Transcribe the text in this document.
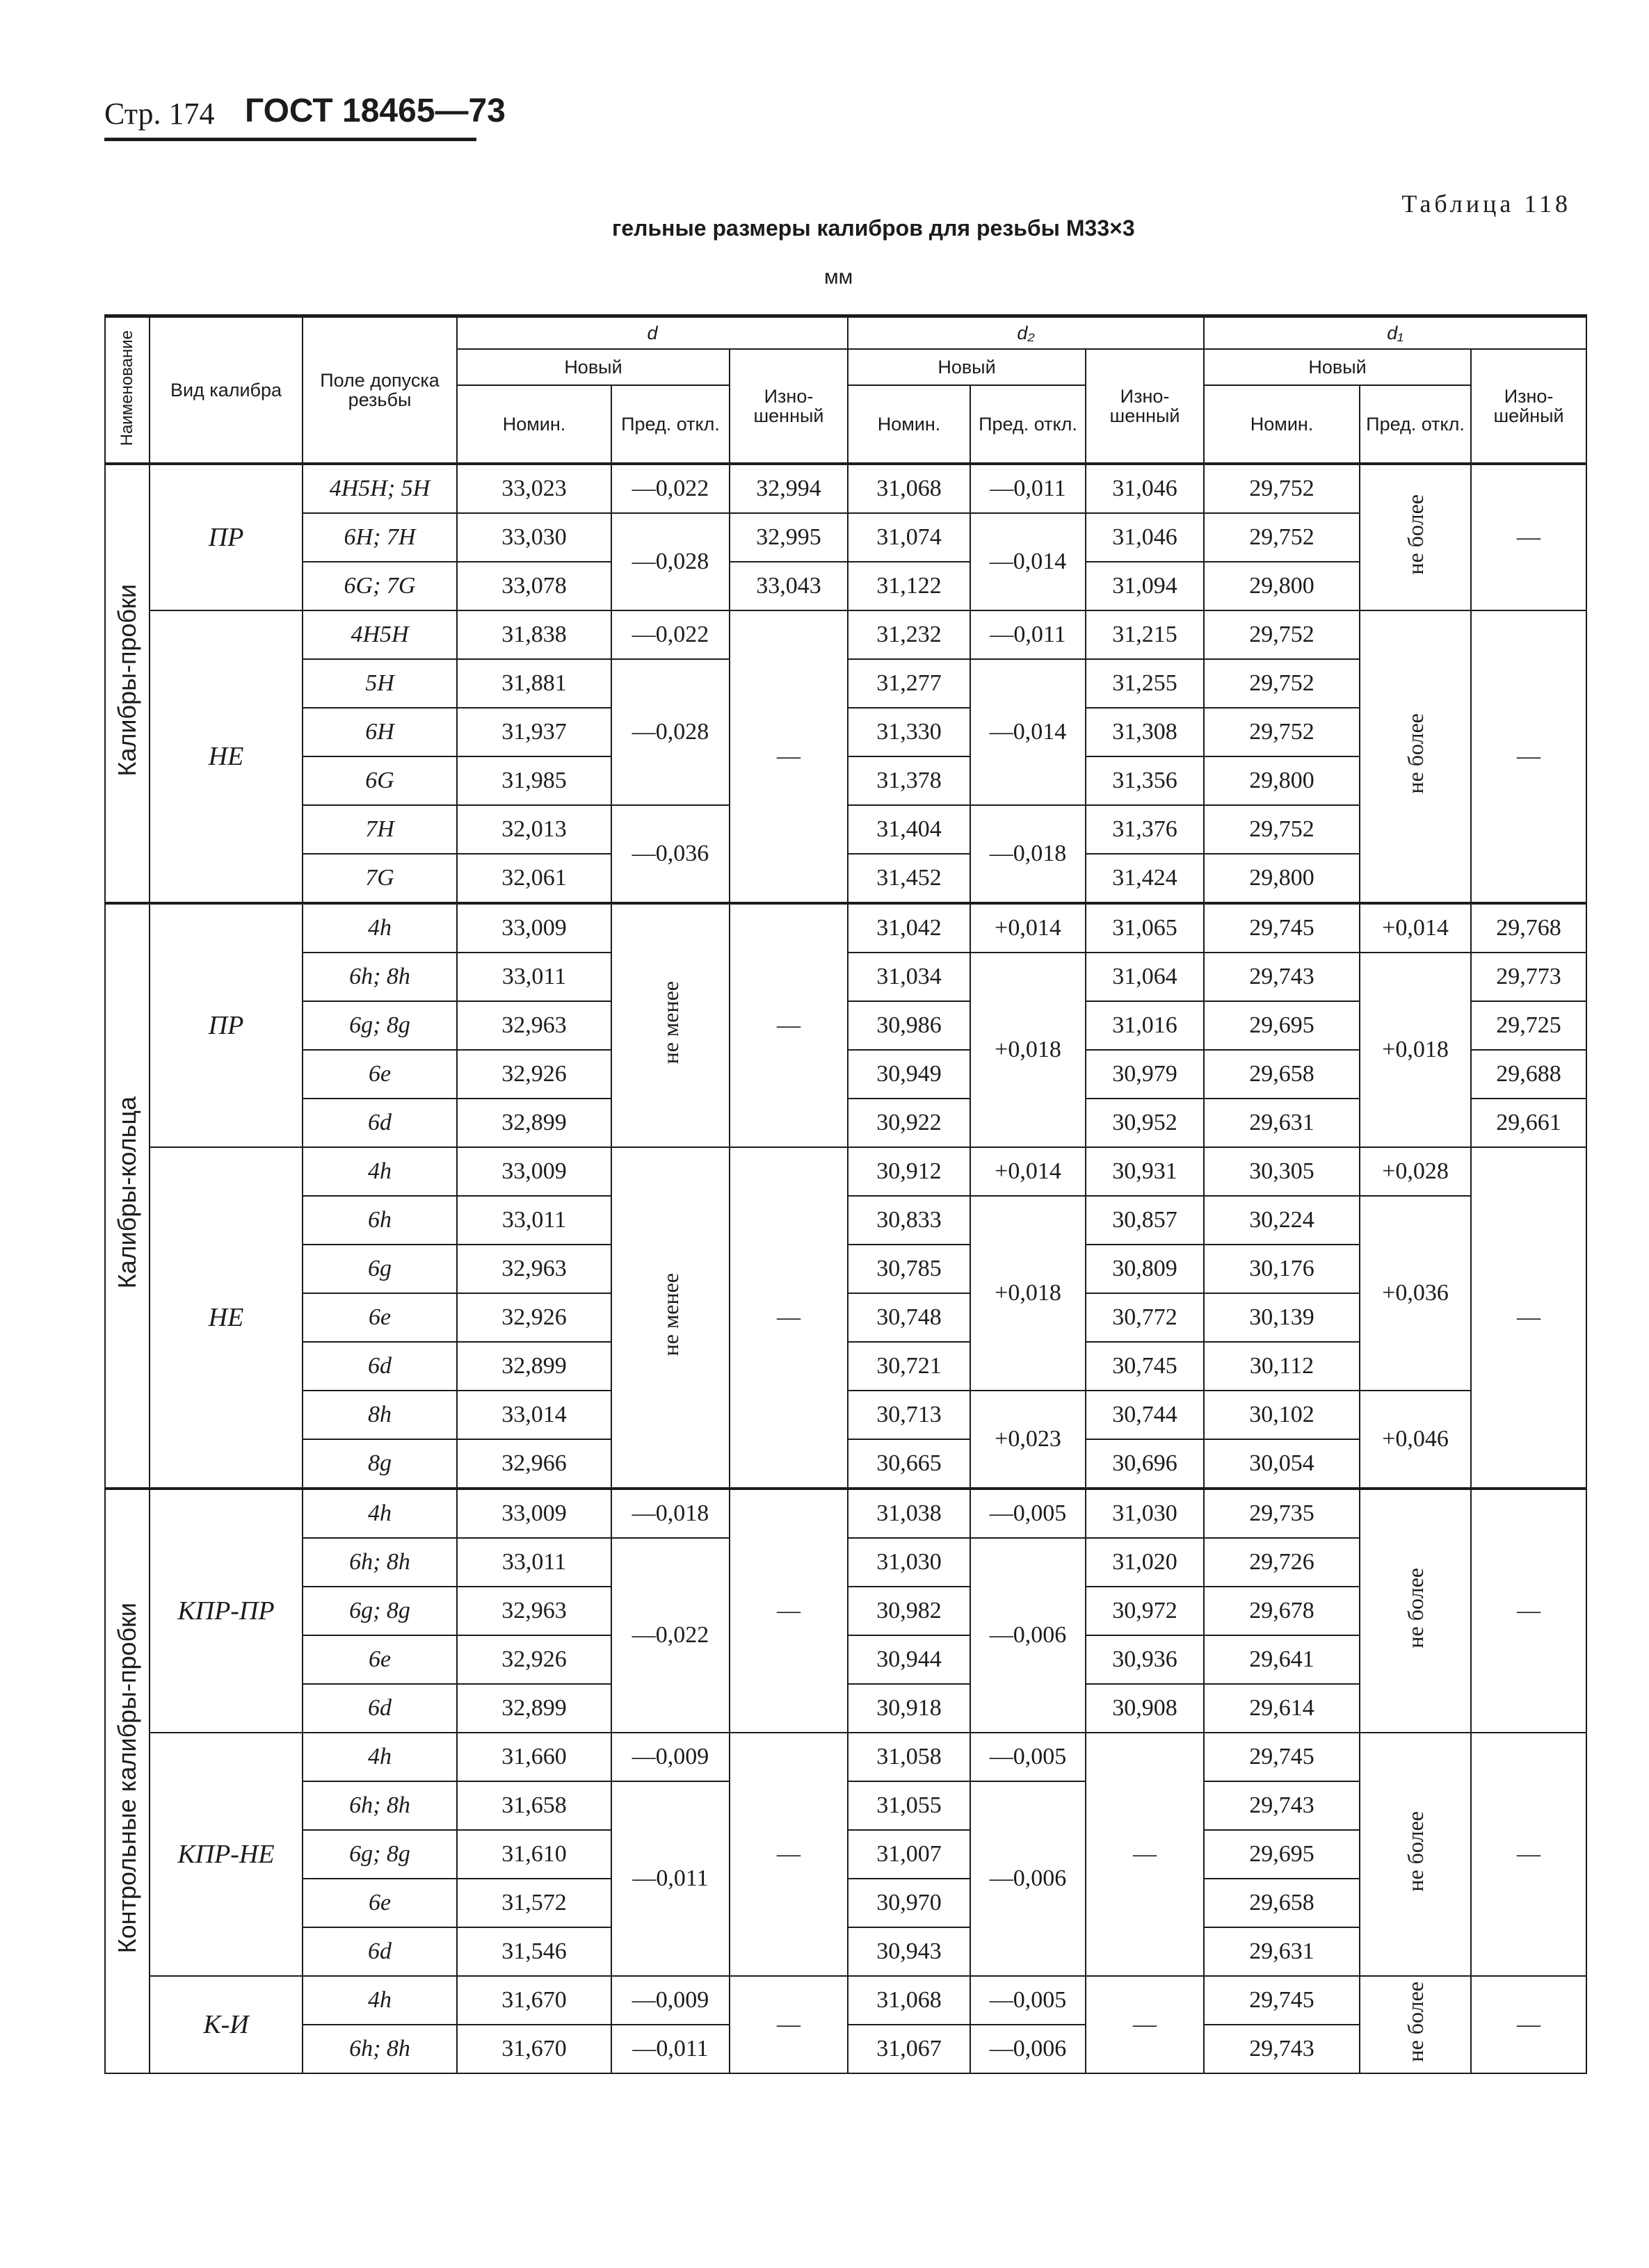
Стр. 174 ГОСТ 18465—73
Таблица 118
гельные размеры калибров для резьбы М33×3
мм
Наименование	Вид калибра	Поле допуска резьбы	d			d₂			d₁		
			Новый		Изно-шенный	Новый		Изно-шенный	Новый		Изно-шейный
			Номин.	Пред. откл.		Номин.	Пред. откл.		Номин.	Пред. откл.	
Калибры-пробки	ПР	4H5H; 5H	33,023	—0,022	32,994	31,068	—0,011	31,046	29,752	не более	—
		6H; 7H	33,030	—0,028	32,995	31,074	—0,014	31,046	29,752		
		6G; 7G	33,078		33,043	31,122		31,094	29,800		
	НЕ	4H5H	31,838	—0,022	—	31,232	—0,011	31,215	29,752	не более	—
		5H	31,881	—0,028		31,277	—0,014	31,255	29,752		
		6H	31,937			31,330		31,308	29,752		
		6G	31,985			31,378		31,356	29,800		
		7H	32,013	—0,036		31,404	—0,018	31,376	29,752		
		7G	32,061			31,452		31,424	29,800		
Калибры-кольца	ПР	4h	33,009	не менее	—	31,042	+0,014	31,065	29,745	+0,014	29,768
		6h; 8h	33,011			31,034	+0,018	31,064	29,743	+0,018	29,773
		6g; 8g	32,963			30,986		31,016	29,695		29,725
		6e	32,926			30,949		30,979	29,658		29,688
		6d	32,899			30,922		30,952	29,631		29,661
	НЕ	4h	33,009	не менее	—	30,912	+0,014	30,931	30,305	+0,028	—
		6h	33,011			30,833	+0,018	30,857	30,224	+0,036	
		6g	32,963			30,785		30,809	30,176		
		6e	32,926			30,748		30,772	30,139		
		6d	32,899			30,721		30,745	30,112		
		8h	33,014			30,713	+0,023	30,744	30,102	+0,046	
		8g	32,966			30,665		30,696	30,054		
Контрольные калибры-пробки	КПР-ПР	4h	33,009	—0,018	—	31,038	—0,005	31,030	29,735	не более	—
		6h; 8h	33,011	—0,022		31,030	—0,006	31,020	29,726		
		6g; 8g	32,963			30,982		30,972	29,678		
		6e	32,926			30,944		30,936	29,641		
		6d	32,899			30,918		30,908	29,614		
	КПР-НЕ	4h	31,660	—0,009	—	31,058	—0,005	—	29,745	не более	—
		6h; 8h	31,658	—0,011		31,055	—0,006		29,743		
		6g; 8g	31,610			31,007			29,695		
		6e	31,572			30,970			29,658		
		6d	31,546			30,943			29,631		
	К-И	4h	31,670	—0,009	—	31,068	—0,005	—	29,745	не более	—
		6h; 8h	31,670	—0,011		31,067	—0,006		29,743		
